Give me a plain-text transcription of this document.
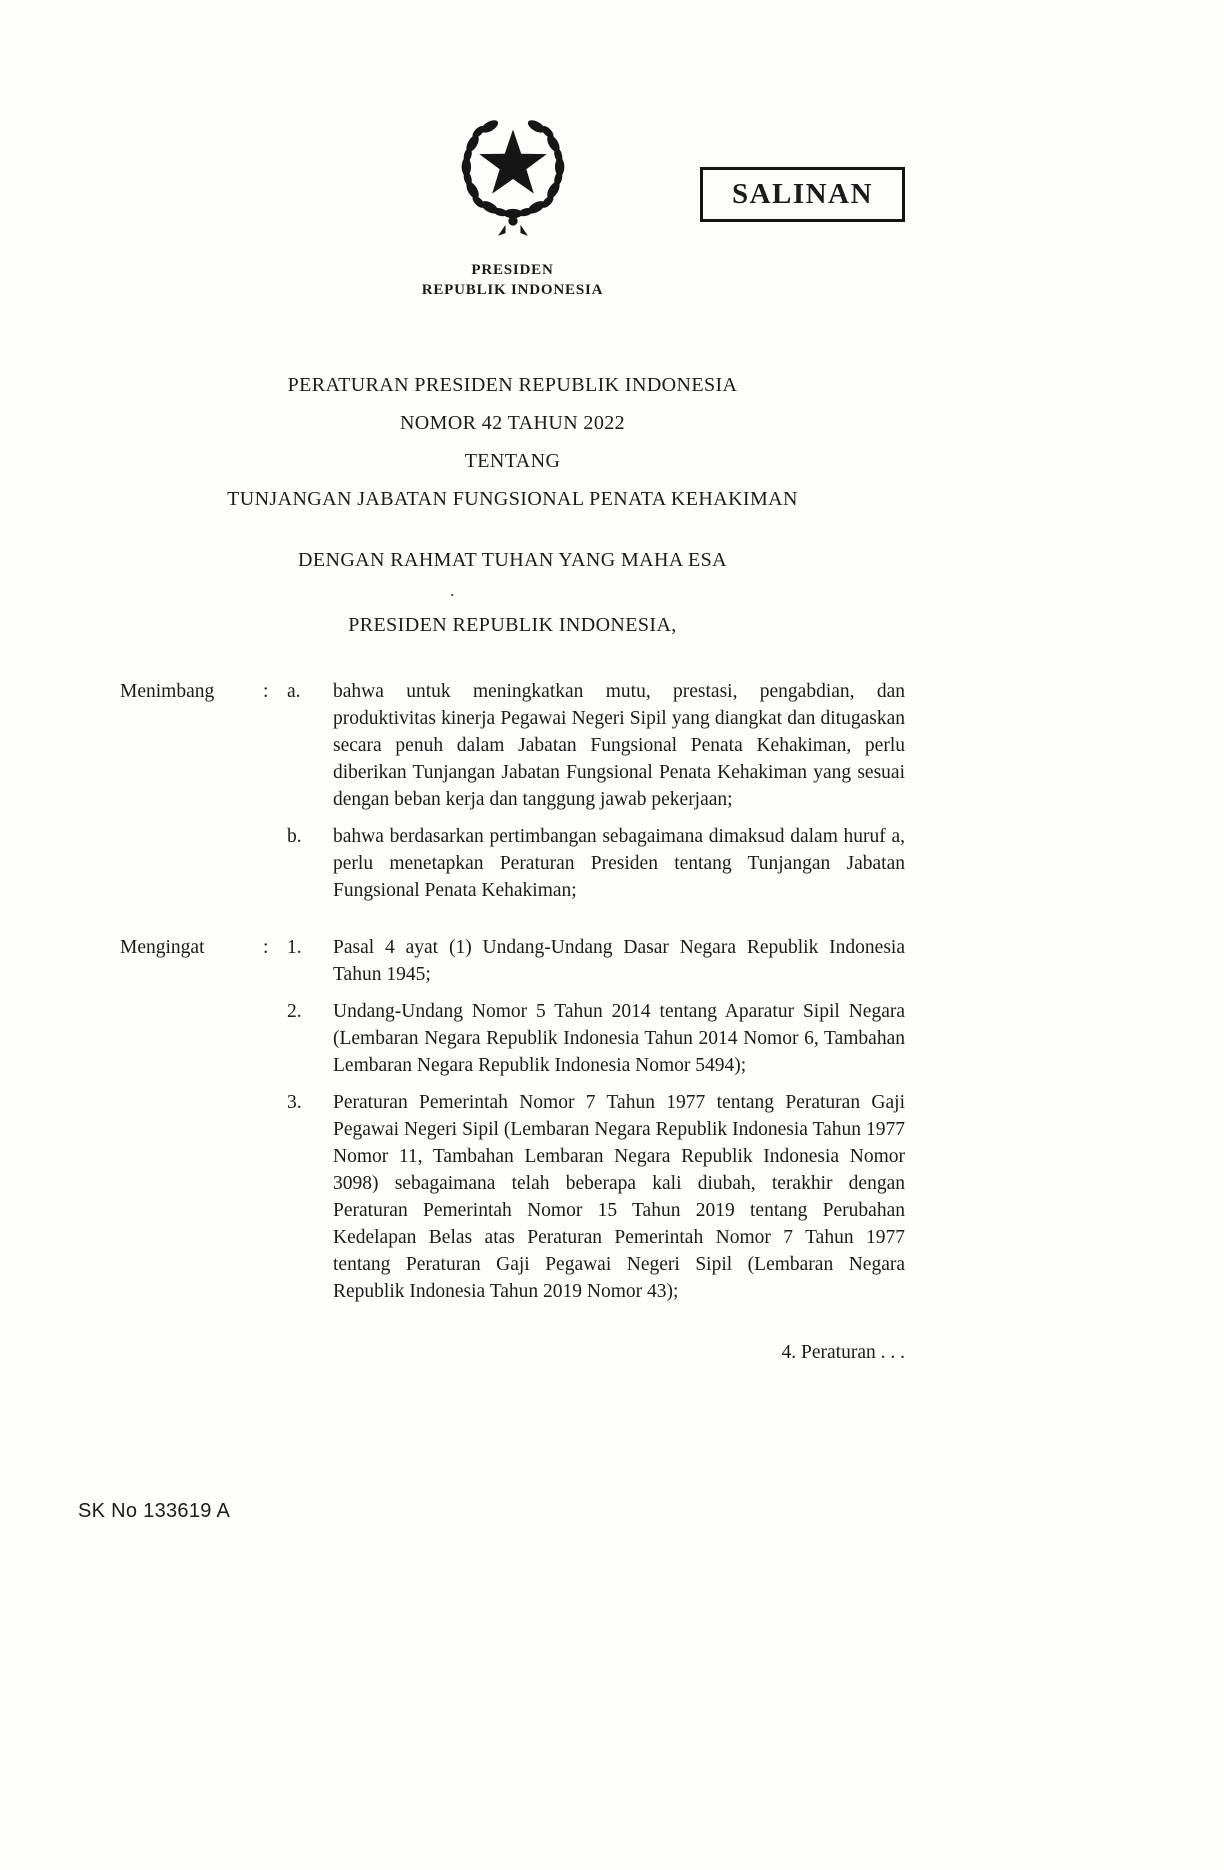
SALINAN
PRESIDEN
REPUBLIK INDONESIA
PERATURAN PRESIDEN REPUBLIK INDONESIA
NOMOR 42 TAHUN 2022
TENTANG
TUNJANGAN JABATAN FUNGSIONAL PENATA KEHAKIMAN
DENGAN RAHMAT TUHAN YANG MAHA ESA
.
PRESIDEN REPUBLIK INDONESIA,
Menimbang	: a.	bahwa untuk meningkatkan mutu, prestasi, pengabdian, dan produktivitas kinerja Pegawai Negeri Sipil yang diangkat dan ditugaskan secara penuh dalam Jabatan Fungsional Penata Kehakiman, perlu diberikan Tunjangan Jabatan Fungsional Penata Kehakiman yang sesuai dengan beban kerja dan tanggung jawab pekerjaan;
b.	bahwa berdasarkan pertimbangan sebagaimana dimaksud dalam huruf a, perlu menetapkan Peraturan Presiden tentang Tunjangan Jabatan Fungsional Penata Kehakiman;
Mengingat	: 1.	Pasal 4 ayat (1) Undang-Undang Dasar Negara Republik Indonesia Tahun 1945;
2.	Undang-Undang Nomor 5 Tahun 2014 tentang Aparatur Sipil Negara (Lembaran Negara Republik Indonesia Tahun 2014 Nomor 6, Tambahan Lembaran Negara Republik Indonesia Nomor 5494);
3.	Peraturan Pemerintah Nomor 7 Tahun 1977 tentang Peraturan Gaji Pegawai Negeri Sipil (Lembaran Negara Republik Indonesia Tahun 1977 Nomor 11, Tambahan Lembaran Negara Republik Indonesia Nomor 3098) sebagaimana telah beberapa kali diubah, terakhir dengan Peraturan Pemerintah Nomor 15 Tahun 2019 tentang Perubahan Kedelapan Belas atas Peraturan Pemerintah Nomor 7 Tahun 1977 tentang Peraturan Gaji Pegawai Negeri Sipil (Lembaran Negara Republik Indonesia Tahun 2019 Nomor 43);
4. Peraturan . . .
SK No 133619 A
